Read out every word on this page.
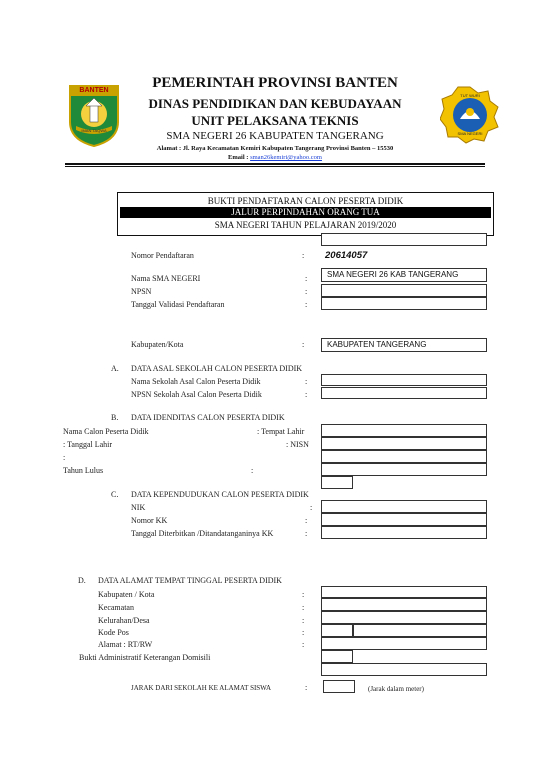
BANTEN
IMAN TAQWA
TUT WURI
SMA NEGERI
PEMERINTAH PROVINSI BANTEN
DINAS PENDIDIKAN DAN KEBUDAYAAN
UNIT PELAKSANA TEKNIS
SMA NEGERI 26 KABUPATEN TANGERANG
Alamat : Jl. Raya Kecamatan Kemiri Kabupaten Tangerang Provinsi Banten – 15530
Email : sman26kemiri@yahoo.com
BUKTI PENDAFTARAN CALON PESERTA DIDIK
JALUR PERPINDAHAN ORANG TUA
SMA NEGERI TAHUN PELAJARAN 2019/2020
Nomor Pendaftaran	: 20614057
Nama SMA NEGERI	:	SMA NEGERI 26 KAB TANGERANG
NPSN	:
Tanggal Validasi Pendaftaran	:
Kabupaten/Kota	:	KABUPATEN TANGERANG
A. DATA ASAL SEKOLAH CALON PESERTA DIDIK
Nama Sekolah Asal Calon Peserta Didik	:
NPSN Sekolah Asal Calon Peserta Didik	:
B. DATA IDENDITAS CALON PESERTA DIDIK
Nama Calon Peserta Didik	: Tempat Lahir
: Tanggal Lahir	: NISN
:
Tahun Lulus	:
C. DATA KEPENDUDUKAN CALON PESERTA DIDIK
NIK	:
Nomor KK	:
Tanggal Diterbitkan /Ditandatanganinya KK	:
D. DATA ALAMAT TEMPAT TINGGAL PESERTA DIDIK
Kabupaten / Kota	:
Kecamatan	:
Kelurahan/Desa	:
Kode Pos	:
Alamat : RT/RW	:
Bukti Administratif Keterangan Domisili
JARAK DARI SEKOLAH KE ALAMAT SISWA	:	(Jarak dalam meter)
